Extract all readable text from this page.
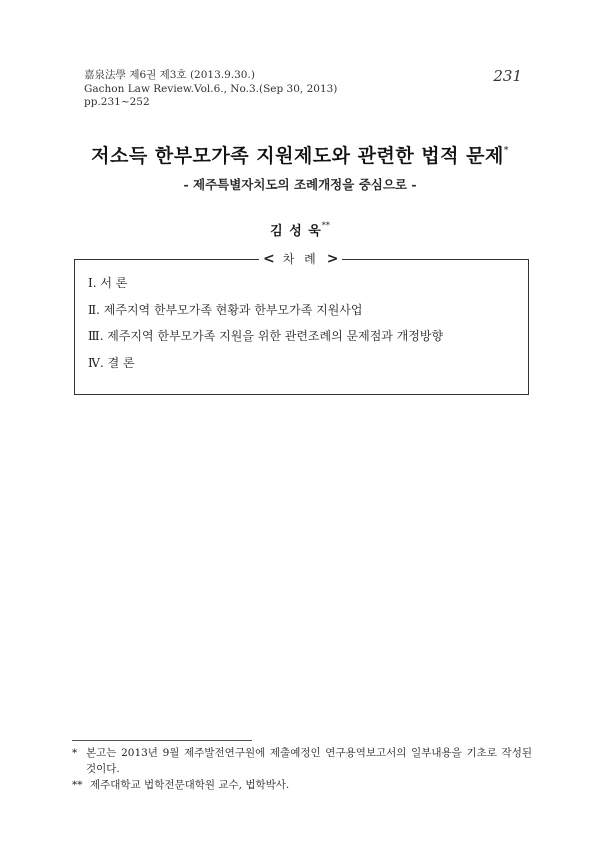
嘉泉法學 제6권 제3호 (2013.9.30.)
Gachon Law Review.Vol.6., No.3.(Sep 30, 2013)
pp.231~252
231
저소득 한부모가족 지원제도와 관련한 법적 문제*
- 제주특별자치도의 조례개정을 중심으로 -
김 성 욱**
< 차 례 >
Ⅰ. 서 론
Ⅱ. 제주지역 한부모가족 현황과 한부모가족 지원사업
Ⅲ. 제주지역 한부모가족 지원을 위한 관련조례의 문제점과 개정방향
Ⅳ. 결 론
* 본고는 2013년 9월 제주발전연구원에 제출예정인 연구용역보고서의 일부내용을 기초로 작성된 것이다.
** 제주대학교 법학전문대학원 교수, 법학박사.
